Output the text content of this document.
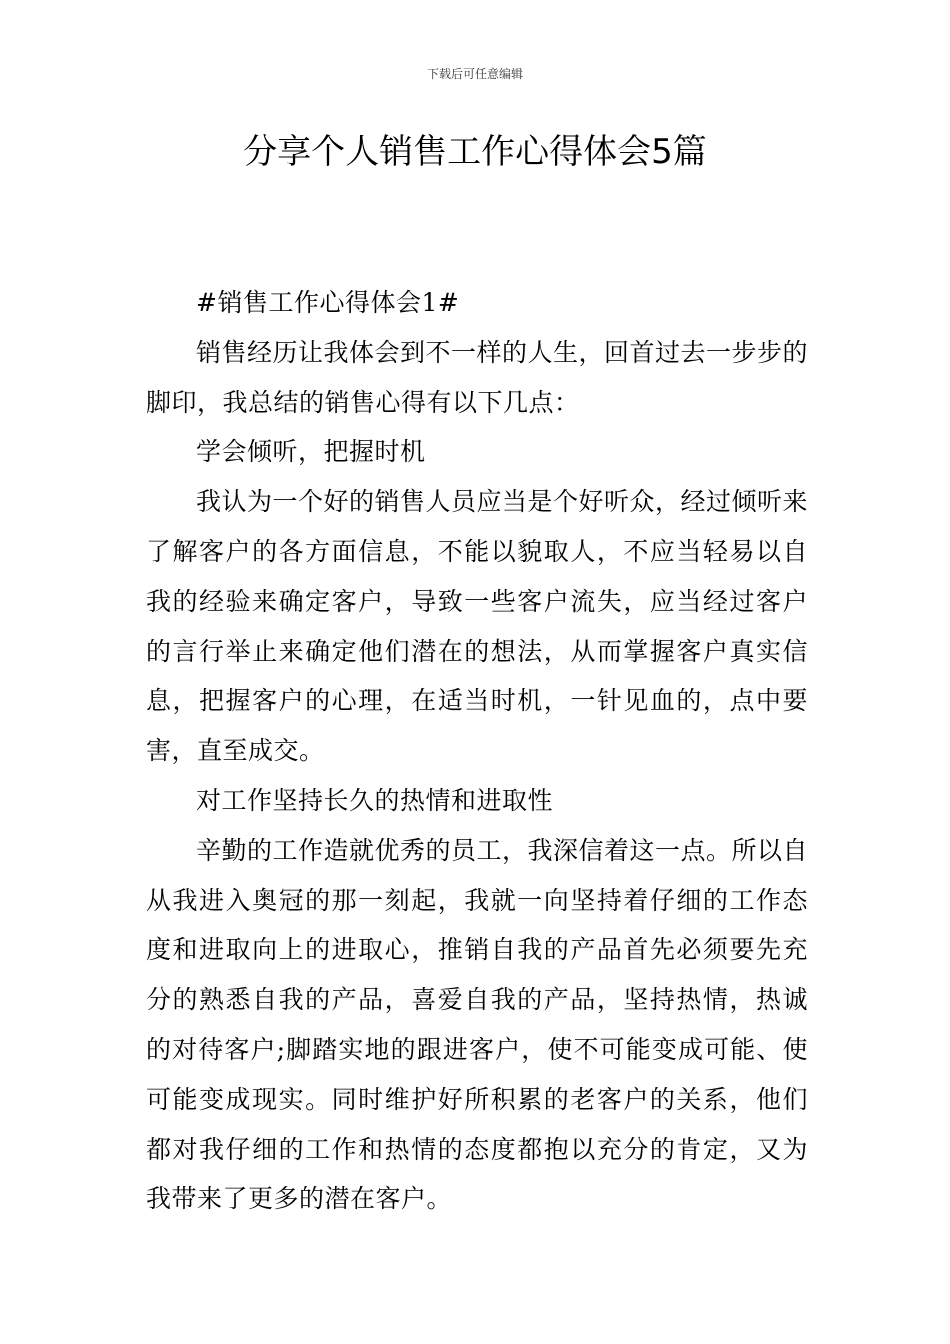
下载后可任意编辑
分享个人销售工作心得体会5篇

#销售工作心得体会1#

销售经历让我体会到不一样的人生，回首过去一步步的脚印，我总结的销售心得有以下几点：

学会倾听，把握时机

我认为一个好的销售人员应当是个好听众，经过倾听来了解客户的各方面信息，不能以貌取人，不应当轻易以自我的经验来确定客户，导致一些客户流失，应当经过客户的言行举止来确定他们潜在的想法，从而掌握客户真实信息，把握客户的心理，在适当时机，一针见血的，点中要害，直至成交。

对工作坚持长久的热情和进取性

辛勤的工作造就优秀的员工，我深信着这一点。所以自从我进入奥冠的那一刻起，我就一向坚持着仔细的工作态度和进取向上的进取心，推销自我的产品首先必须要先充分的熟悉自我的产品，喜爱自我的产品，坚持热情，热诚的对待客户;脚踏实地的跟进客户，使不可能变成可能、使可能变成现实。同时维护好所积累的老客户的关系，他们都对我仔细的工作和热情的态度都抱以充分的肯定，又为我带来了更多的潜在客户。
